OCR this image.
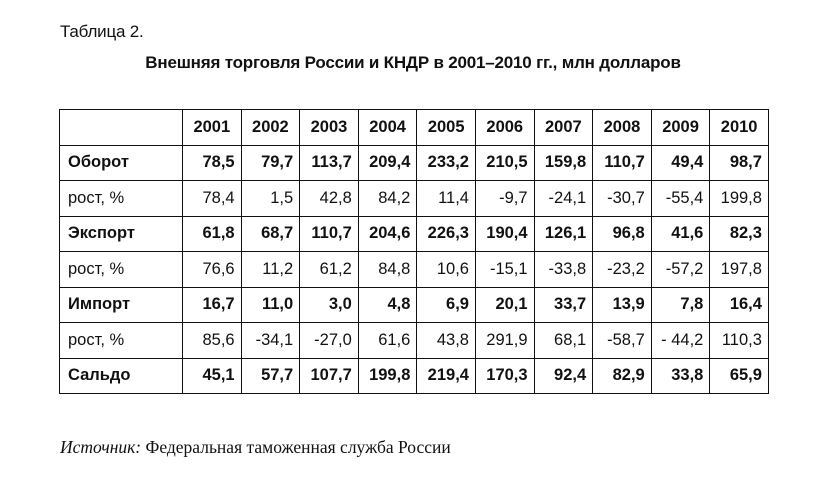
Таблица 2.
Внешняя торговля России и КНДР в 2001–2010 гг., млн долларов
	2001	2002	2003	2004	2005	2006	2007	2008	2009	2010
Оборот	78,5	79,7	113,7	209,4	233,2	210,5	159,8	110,7	49,4	98,7
рост, %	78,4	1,5	42,8	84,2	11,4	-9,7	-24,1	-30,7	-55,4	199,8
Экспорт	61,8	68,7	110,7	204,6	226,3	190,4	126,1	96,8	41,6	82,3
рост, %	76,6	11,2	61,2	84,8	10,6	-15,1	-33,8	-23,2	-57,2	197,8
Импорт	16,7	11,0	3,0	4,8	6,9	20,1	33,7	13,9	7,8	16,4
рост, %	85,6	-34,1	-27,0	61,6	43,8	291,9	68,1	-58,7	- 44,2	110,3
Сальдо	45,1	57,7	107,7	199,8	219,4	170,3	92,4	82,9	33,8	65,9
Источник: Федеральная таможенная служба России
